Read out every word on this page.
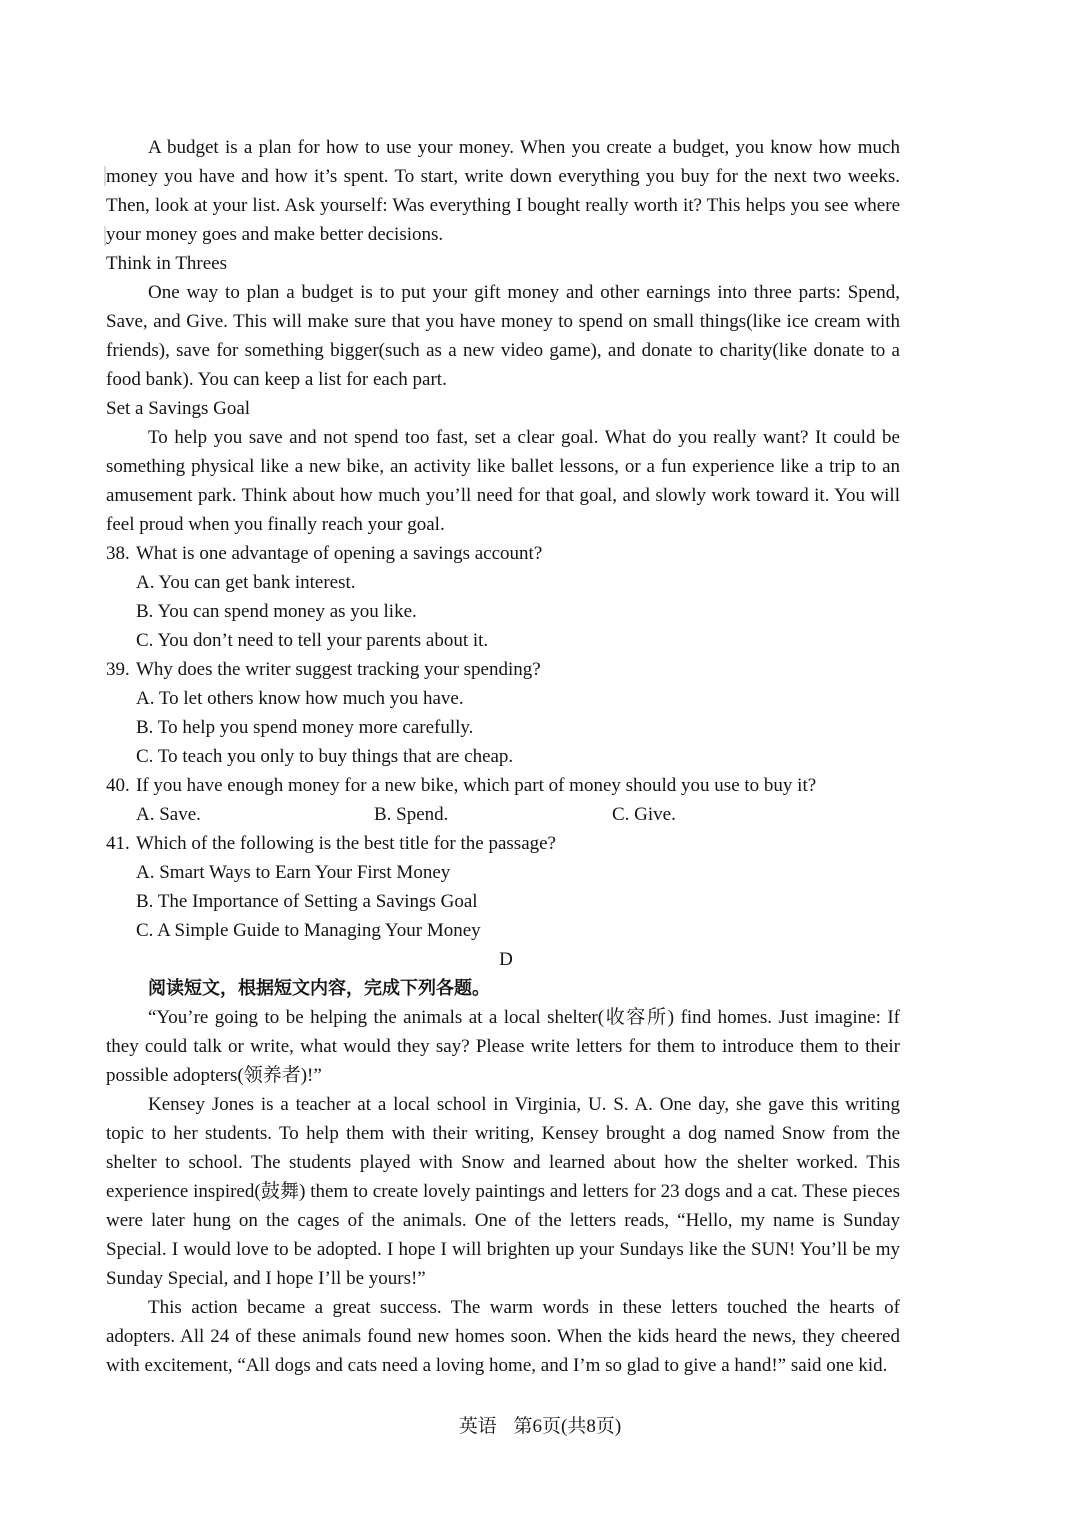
A budget is a plan for how to use your money. When you create a budget, you know how much money you have and how it’s spent. To start, write down everything you buy for the next two weeks. Then, look at your list. Ask yourself: Was everything I bought really worth it? This helps you see where your money goes and make better decisions.

Think in Threes

One way to plan a budget is to put your gift money and other earnings into three parts: Spend, Save, and Give. This will make sure that you have money to spend on small things(like ice cream with friends), save for something bigger(such as a new video game), and donate to charity(like donate to a food bank). You can keep a list for each part.

Set a Savings Goal

To help you save and not spend too fast, set a clear goal. What do you really want? It could be something physical like a new bike, an activity like ballet lessons, or a fun experience like a trip to an amusement park. Think about how much you’ll need for that goal, and slowly work toward it. You will feel proud when you finally reach your goal.

38. What is one advantage of opening a savings account?

A. You can get bank interest.

B. You can spend money as you like.

C. You don’t need to tell your parents about it.

39. Why does the writer suggest tracking your spending?

A. To let others know how much you have.

B. To help you spend money more carefully.

C. To teach you only to buy things that are cheap.

40. If you have enough money for a new bike, which part of money should you use to buy it?

A. Save.	B. Spend.	C. Give.

41. Which of the following is the best title for the passage?

A. Smart Ways to Earn Your First Money

B. The Importance of Setting a Savings Goal

C. A Simple Guide to Managing Your Money

D

阅读短文，根据短文内容，完成下列各题。

“You’re going to be helping the animals at a local shelter(收容所) find homes. Just imagine: If they could talk or write, what would they say? Please write letters for them to introduce them to their possible adopters(领养者)!”

Kensey Jones is a teacher at a local school in Virginia, U. S. A. One day, she gave this writing topic to her students. To help them with their writing, Kensey brought a dog named Snow from the shelter to school. The students played with Snow and learned about how the shelter worked. This experience inspired(鼓舞) them to create lovely paintings and letters for 23 dogs and a cat. These pieces were later hung on the cages of the animals. One of the letters reads, “Hello, my name is Sunday Special. I would love to be adopted. I hope I will brighten up your Sundays like the SUN! You’ll be my Sunday Special, and I hope I’ll be yours!”

This action became a great success. The warm words in these letters touched the hearts of adopters. All 24 of these animals found new homes soon. When the kids heard the news, they cheered with excitement, “All dogs and cats need a loving home, and I’m so glad to give a hand!” said one kid.

英语 第6页(共8页)
